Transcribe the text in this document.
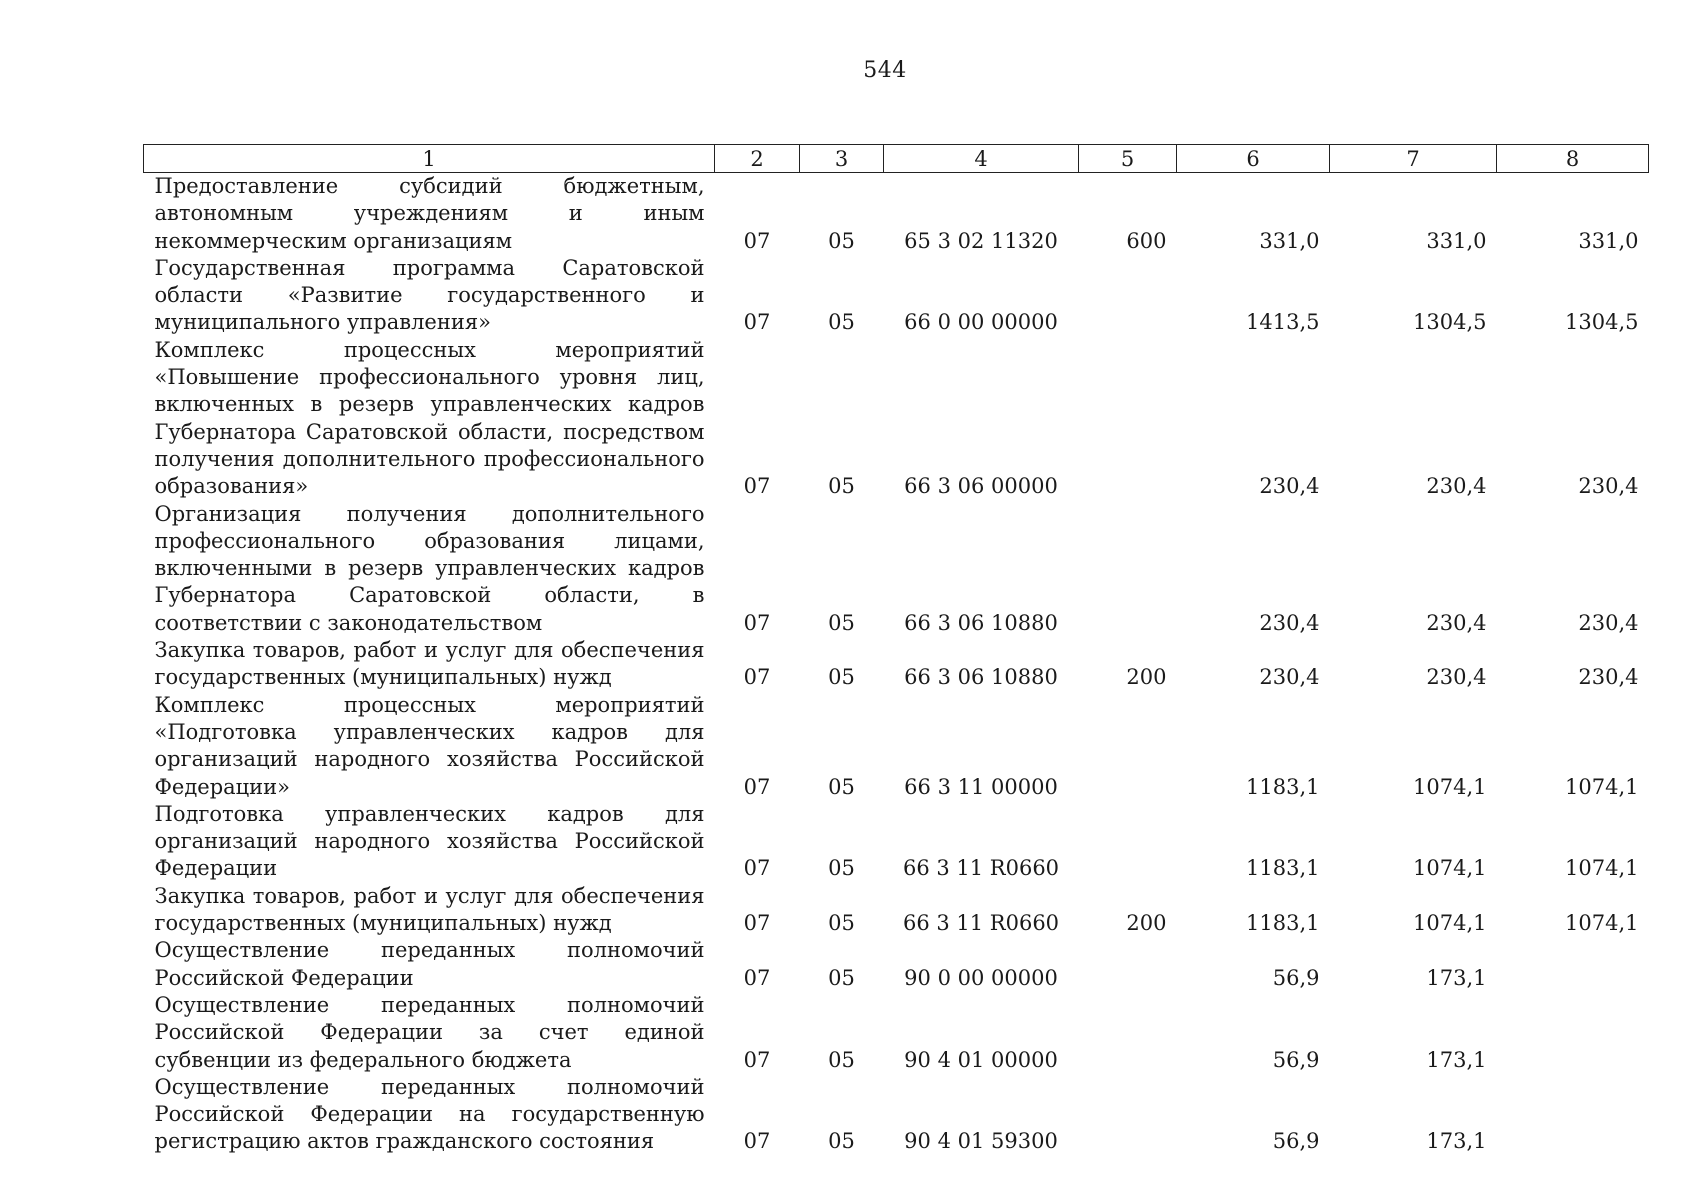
544
1	2	3	4	5	6	7	8
Предоставление субсидий бюджетным, автономным учреждениям и иным некоммерческим организациям	07	05	65 3 02 11320	600	331,0	331,0	331,0
Государственная программа Саратовской области «Развитие государственного и муниципального управления»	07	05	66 0 00 00000		1413,5	1304,5	1304,5
Комплекс процессных мероприятий «Повышение профессионального уровня лиц, включенных в резерв управленческих кадров Губернатора Саратовской области, посредством получения дополнительного профессионального образования»	07	05	66 3 06 00000		230,4	230,4	230,4
Организация получения дополнительного профессионального образования лицами, включенными в резерв управленческих кадров Губернатора Саратовской области, в соответствии с законодательством	07	05	66 3 06 10880		230,4	230,4	230,4
Закупка товаров, работ и услуг для обеспечения государственных (муниципальных) нужд	07	05	66 3 06 10880	200	230,4	230,4	230,4
Комплекс процессных мероприятий «Подготовка управленческих кадров для организаций народного хозяйства Российской Федерации»	07	05	66 3 11 00000		1183,1	1074,1	1074,1
Подготовка управленческих кадров для организаций народного хозяйства Российской Федерации	07	05	66 3 11 R0660		1183,1	1074,1	1074,1
Закупка товаров, работ и услуг для обеспечения государственных (муниципальных) нужд	07	05	66 3 11 R0660	200	1183,1	1074,1	1074,1
Осуществление переданных полномочий Российской Федерации	07	05	90 0 00 00000		56,9	173,1	
Осуществление переданных полномочий Российской Федерации за счет единой субвенции из федерального бюджета	07	05	90 4 01 00000		56,9	173,1	
Осуществление переданных полномочий Российской Федерации на государственную регистрацию актов гражданского состояния	07	05	90 4 01 59300		56,9	173,1	
